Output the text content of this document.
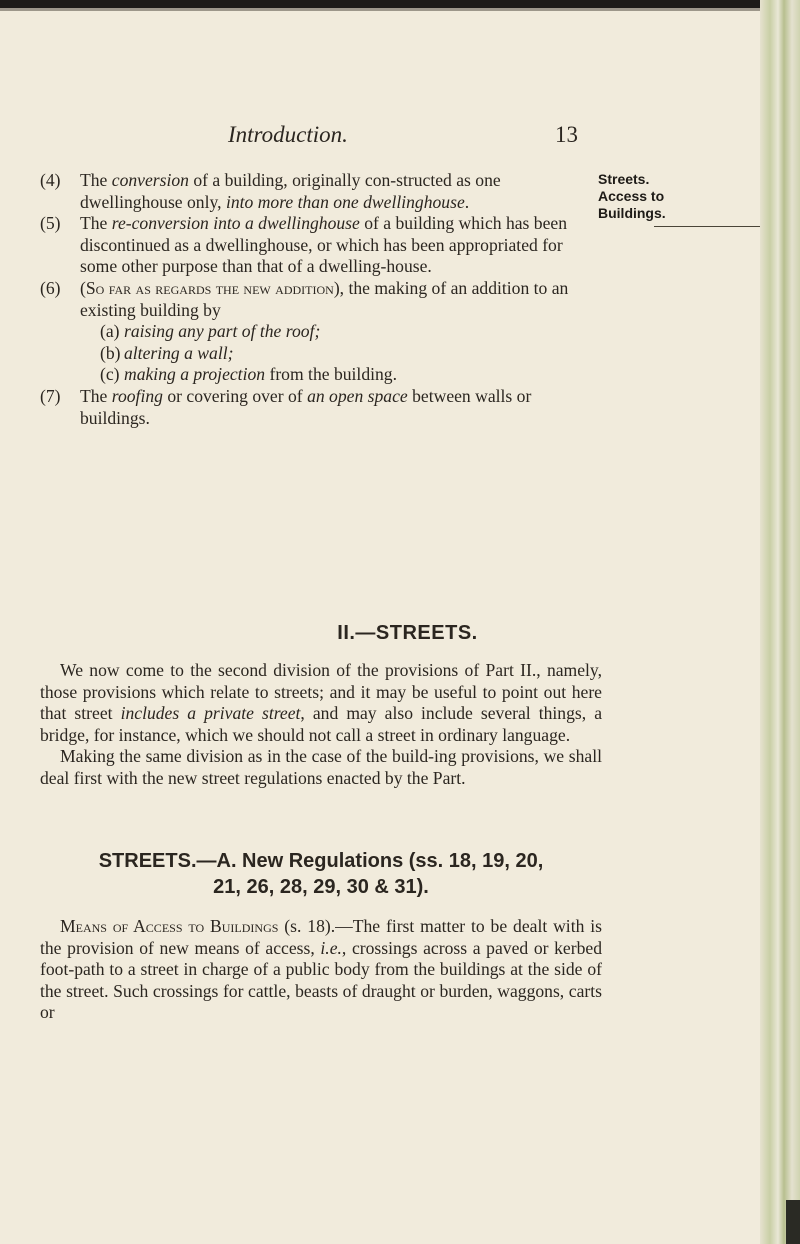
Introduction.	13
Streets.
Access to
Buildings.
(4) The conversion of a building, originally con-structed as one dwellinghouse only, into more than one dwellinghouse.
(5) The re-conversion into a dwellinghouse of a building which has been discontinued as a dwellinghouse, or which has been appropriated for some other purpose than that of a dwelling-house.
(6) (So far as regards the new addition), the making of an addition to an existing building by
(a) raising any part of the roof;
(b) altering a wall;
(c) making a projection from the building.
(7) The roofing or covering over of an open space between walls or buildings.
II.—STREETS.

We now come to the second division of the provisions of Part II., namely, those provisions which relate to streets; and it may be useful to point out here that street includes a private street, and may also include several things, a bridge, for instance, which we should not call a street in ordinary language.

Making the same division as in the case of the build-ing provisions, we shall deal first with the new street regulations enacted by the Part.

STREETS.—A. New Regulations (ss. 18, 19, 20,
21, 26, 28, 29, 30 & 31).

Means of Access to Buildings (s. 18).—The first matter to be dealt with is the provision of new means of access, i.e., crossings across a paved or kerbed foot-path to a street in charge of a public body from the buildings at the side of the street. Such crossings for cattle, beasts of draught or burden, waggons, carts or
